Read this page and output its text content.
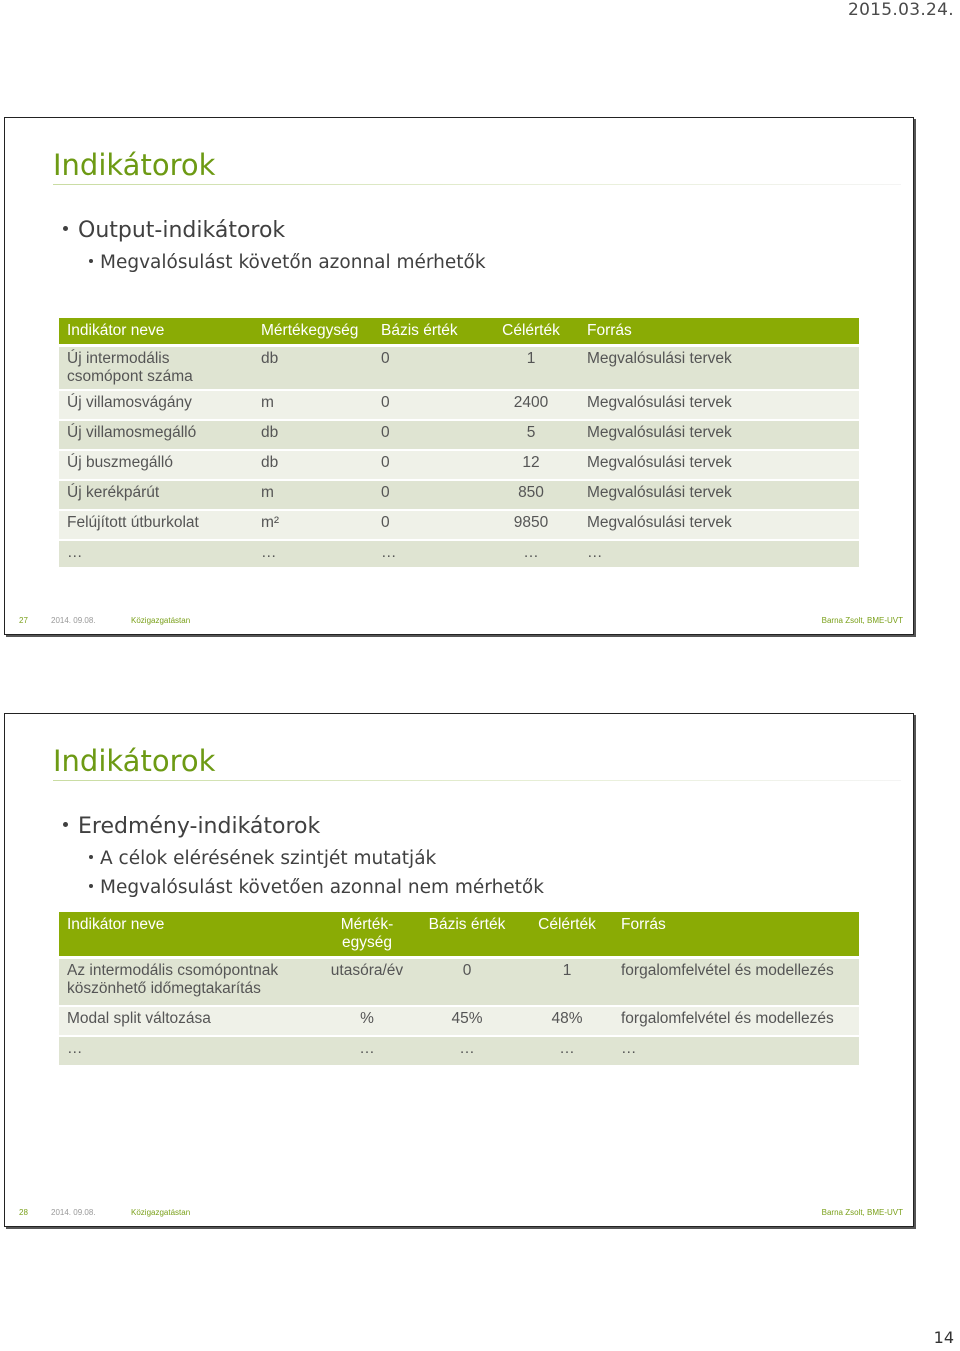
2015.03.24.
Indikátorok
Output-indikátorok
Megvalósulást követőn azonnal mérhetők
Indikátor neve	Mértékegység	Bázis érték	Célérték	Forrás
Új intermodális csomópont száma	db	0	1	Megvalósulási tervek
Új villamosvágány	m	0	2400	Megvalósulási tervek
Új villamosmegálló	db	0	5	Megvalósulási tervek
Új buszmegálló	db	0	12	Megvalósulási tervek
Új kerékpárút	m	0	850	Megvalósulási tervek
Felújított útburkolat	m²	0	9850	Megvalósulási tervek
…	…	…	…	…
27	2014. 09.08.	Közigazgatástan	Barna Zsolt, BME-UVT
Indikátorok
Eredmény-indikátorok
A célok elérésének szintjét mutatják
Megvalósulást követően azonnal nem mérhetők
Indikátor neve	Mérték-egység	Bázis érték	Célérték	Forrás
Az intermodális csomópontnak köszönhető időmegtakarítás	utasóra/év	0	1	forgalomfelvétel és modellezés
Modal split változása	%	45%	48%	forgalomfelvétel és modellezés
…	…	…	…	…
28	2014. 09.08.	Közigazgatástan	Barna Zsolt, BME-UVT
14
